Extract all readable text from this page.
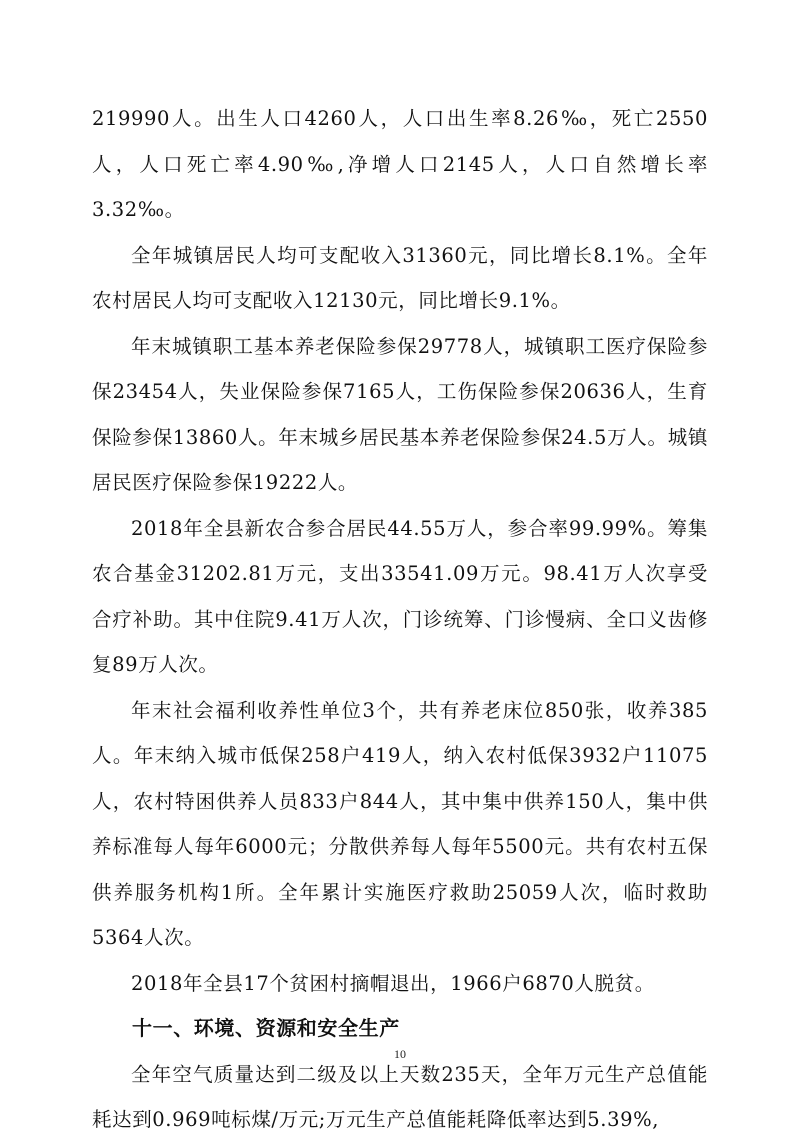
219990人。出生人口4260人，人口出生率8.26‰，死亡2550人，人口死亡率4.90‰,净增人口2145人，人口自然增长率3.32‰。

全年城镇居民人均可支配收入31360元，同比增长8.1%。全年农村居民人均可支配收入12130元，同比增长9.1%。

年末城镇职工基本养老保险参保29778人，城镇职工医疗保险参保23454人，失业保险参保7165人，工伤保险参保20636人，生育保险参保13860人。年末城乡居民基本养老保险参保24.5万人。城镇居民医疗保险参保19222人。

2018年全县新农合参合居民44.55万人，参合率99.99%。筹集农合基金31202.81万元，支出33541.09万元。98.41万人次享受合疗补助。其中住院9.41万人次，门诊统筹、门诊慢病、全口义齿修复89万人次。

年末社会福利收养性单位3个，共有养老床位850张，收养385人。年末纳入城市低保258户419人，纳入农村低保3932户11075人，农村特困供养人员833户844人，其中集中供养150人，集中供养标准每人每年6000元；分散供养每人每年5500元。共有农村五保供养服务机构1所。全年累计实施医疗救助25059人次，临时救助5364人次。

2018年全县17个贫困村摘帽退出，1966户6870人脱贫。

十一、环境、资源和安全生产

全年空气质量达到二级及以上天数235天，全年万元生产总值能耗达到0.969吨标煤/万元;万元生产总值能耗降低率达到5.39%,

10
